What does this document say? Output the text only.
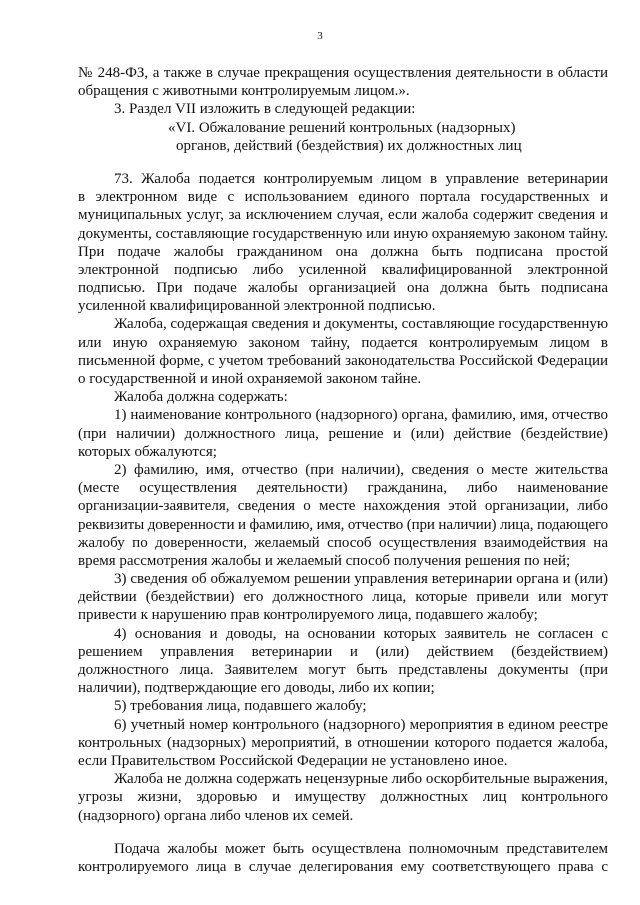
3
№ 248-ФЗ, а также в случае прекращения осуществления деятельности в области
обращения с животными контролируемым лицом.».
3. Раздел VII изложить в следующей редакции:
«VI. Обжалование решений контрольных (надзорных)
органов, действий (бездействия) их должностных лиц
73. Жалоба подается контролируемым лицом в управление ветеринарии
в электронном виде с использованием единого портала государственных и
муниципальных услуг, за исключением случая, если жалоба содержит сведения и
документы, составляющие государственную или иную охраняемую законом тайну.
При подаче жалобы гражданином она должна быть подписана простой
электронной подписью либо усиленной квалифицированной электронной
подписью. При подаче жалобы организацией она должна быть подписана
усиленной квалифицированной электронной подписью.
Жалоба, содержащая сведения и документы, составляющие государственную
или иную охраняемую законом тайну, подается контролируемым лицом в
письменной форме, с учетом требований законодательства Российской Федерации
о государственной и иной охраняемой законом тайне.
Жалоба должна содержать:
1) наименование контрольного (надзорного) органа, фамилию, имя, отчество
(при наличии) должностного лица, решение и (или) действие (бездействие)
которых обжалуются;
2) фамилию, имя, отчество (при наличии), сведения о месте жительства
(месте осуществления деятельности) гражданина, либо наименование
организации-заявителя, сведения о месте нахождения этой организации, либо
реквизиты доверенности и фамилию, имя, отчество (при наличии) лица, подающего
жалобу по доверенности, желаемый способ осуществления взаимодействия на
время рассмотрения жалобы и желаемый способ получения решения по ней;
3) сведения об обжалуемом решении управления ветеринарии органа и (или)
действии (бездействии) его должностного лица, которые привели или могут
привести к нарушению прав контролируемого лица, подавшего жалобу;
4) основания и доводы, на основании которых заявитель не согласен с
решением управления ветеринарии и (или) действием (бездействием)
должностного лица. Заявителем могут быть представлены документы (при
наличии), подтверждающие его доводы, либо их копии;
5) требования лица, подавшего жалобу;
6) учетный номер контрольного (надзорного) мероприятия в едином реестре
контрольных (надзорных) мероприятий, в отношении которого подается жалоба,
если Правительством Российской Федерации не установлено иное.
Жалоба не должна содержать нецензурные либо оскорбительные выражения,
угрозы жизни, здоровью и имуществу должностных лиц контрольного
(надзорного) органа либо членов их семей.
Подача жалобы может быть осуществлена полномочным представителем
контролируемого лица в случае делегирования ему соответствующего права с
